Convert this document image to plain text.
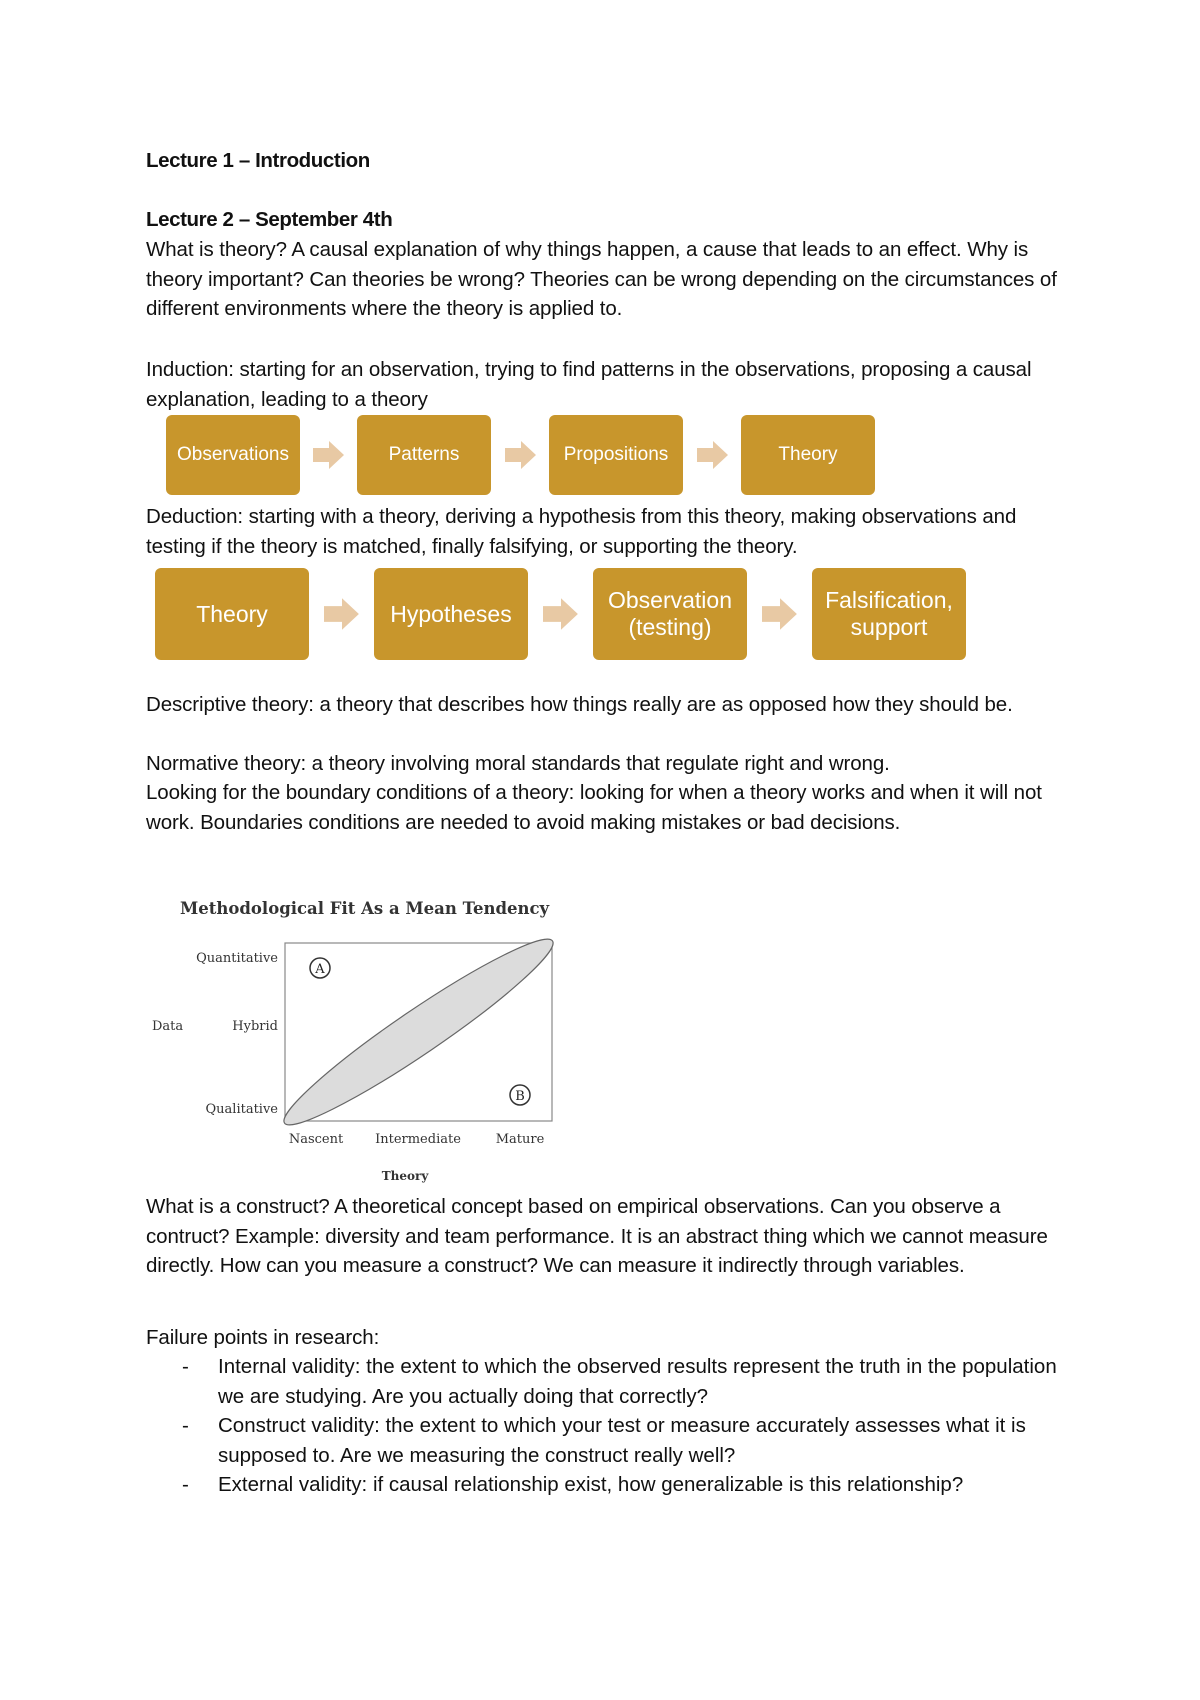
Lecture 1 – Introduction
Lecture 2 – September 4th
What is theory? A causal explanation of why things happen, a cause that leads to an effect. Why is theory important? Can theories be wrong? Theories can be wrong depending on the circumstances of different environments where the theory is applied to.
Induction: starting for an observation, trying to find patterns in the observations, proposing a causal explanation, leading to a theory
Observations	Patterns	Propositions	Theory
Deduction: starting with a theory, deriving a hypothesis from this theory, making observations and testing if the theory is matched, finally falsifying, or supporting the theory.
Theory	Hypotheses
Observation
(testing)
Falsification,
support
Descriptive theory: a theory that describes how things really are as opposed how they should be.
Normative theory: a theory involving moral standards that regulate right and wrong.
Looking for the boundary conditions of a theory: looking for when a theory works and when it will not work. Boundaries conditions are needed to avoid making mistakes or bad decisions.
Methodological Fit As a Mean Tendency
A
B
Quantitative
Hybrid
Qualitative
Data
Nascent Intermediate	Mature
Theory
What is a construct? A theoretical concept based on empirical observations. Can you observe a contruct? Example: diversity and team performance. It is an abstract thing which we cannot measure directly. How can you measure a construct? We can measure it indirectly through variables.
Failure points in research:
- Internal validity: the extent to which the observed results represent the truth in the population we are studying. Are you actually doing that correctly?
- Construct validity: the extent to which your test or measure accurately assesses what it is supposed to. Are we measuring the construct really well?
- External validity: if causal relationship exist, how generalizable is this relationship?
